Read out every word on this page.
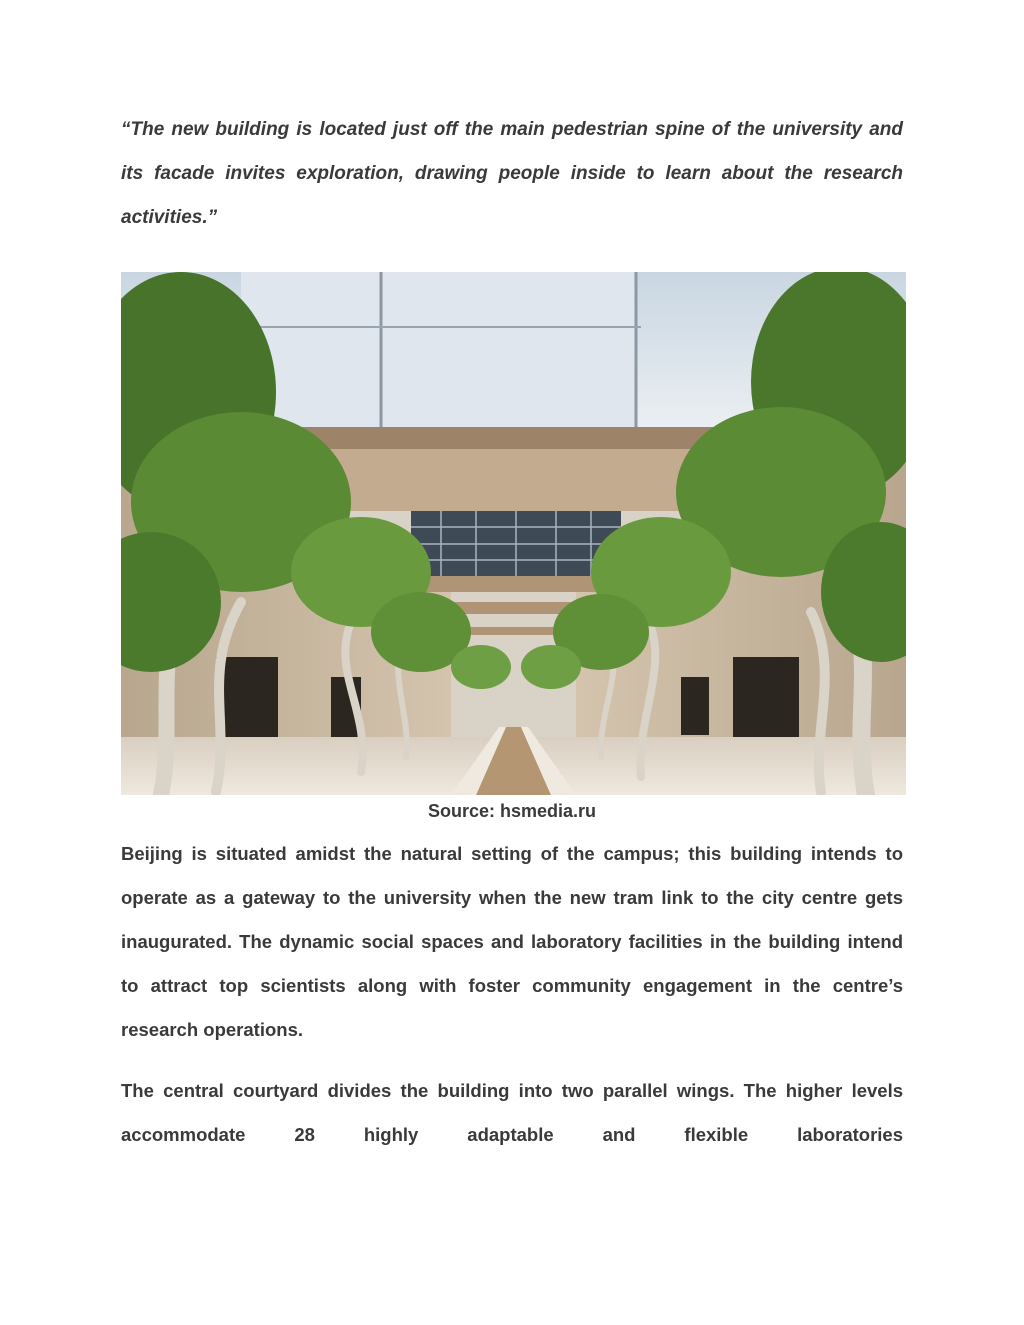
“The new building is located just off the main pedestrian spine of the university and its facade invites exploration, drawing people inside to learn about the research activities.”

Source: hsmedia.ru

Beijing is situated amidst the natural setting of the campus; this building intends to operate as a gateway to the university when the new tram link to the city centre gets inaugurated. The dynamic social spaces and laboratory facilities in the building intend to attract top scientists along with foster community engagement in the centre’s research operations.

The central courtyard divides the building into two parallel wings. The higher levels accommodate 28 highly adaptable and flexible laboratories
